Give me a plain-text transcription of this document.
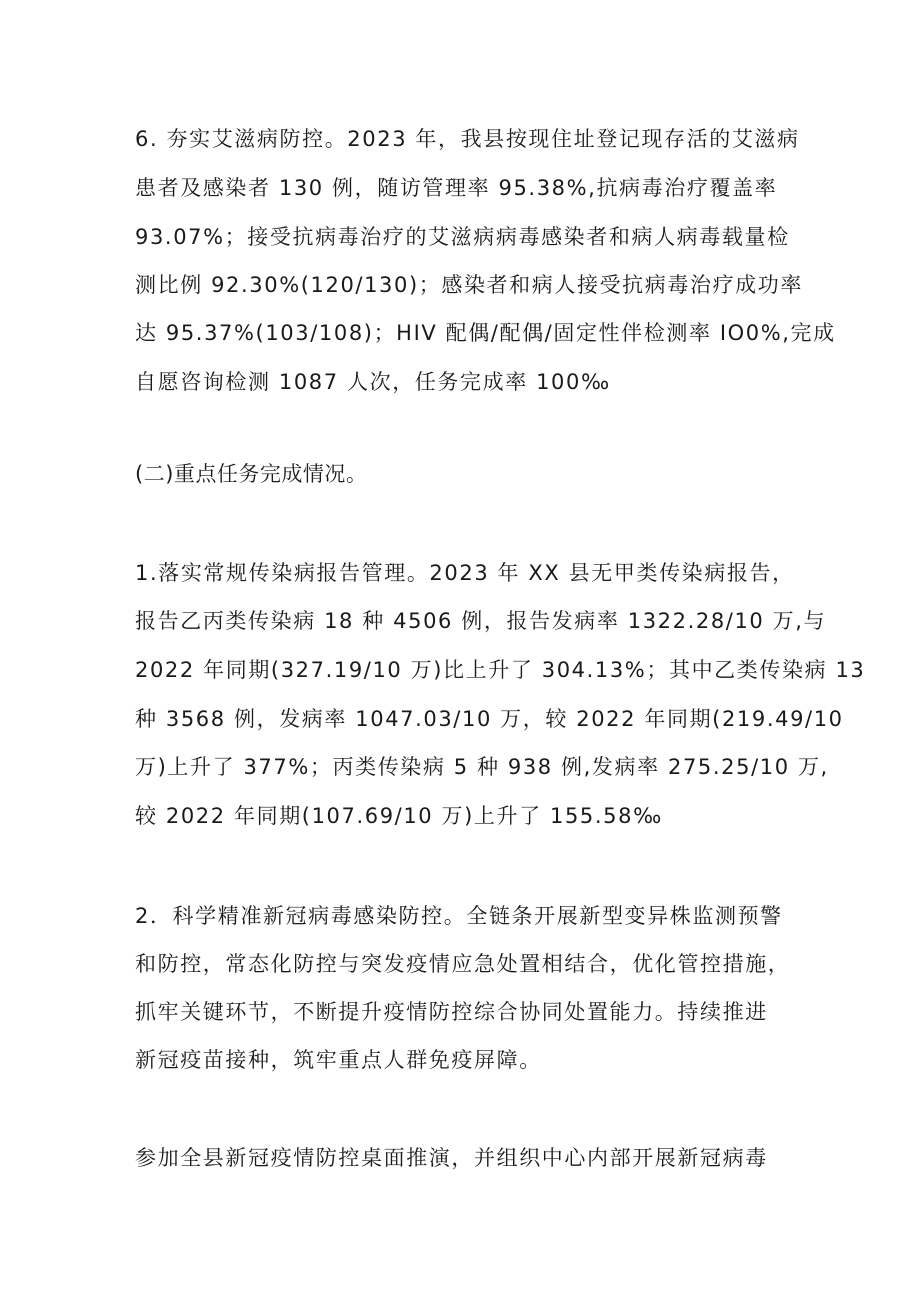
6. 夯实艾滋病防控。2023 年，我县按现住址登记现存活的艾滋病
患者及感染者 130 例，随访管理率 95.38%,抗病毒治疗覆盖率
93.07%；接受抗病毒治疗的艾滋病病毒感染者和病人病毒载量检
测比例 92.30%(120/130)；感染者和病人接受抗病毒治疗成功率
达 95.37%(103/108)；HIV 配偶/配偶/固定性伴检测率 IO0%,完成
自愿咨询检测 1087 人次，任务完成率 100‰
(二)重点任务完成情况。
1.落实常规传染病报告管理。2023 年 XX 县无甲类传染病报告，
报告乙丙类传染病 18 种 4506 例，报告发病率 1322.28/10 万,与
2022 年同期(327.19/10 万)比上升了 304.13%；其中乙类传染病 13
种 3568 例，发病率 1047.03/10 万，较 2022 年同期(219.49/10
万)上升了 377%；丙类传染病 5 种 938 例,发病率 275.25/10 万,
较 2022 年同期(107.69/10 万)上升了 155.58‰
2．科学精准新冠病毒感染防控。全链条开展新型变异株监测预警
和防控，常态化防控与突发疫情应急处置相结合，优化管控措施，
抓牢关键环节，不断提升疫情防控综合协同处置能力。持续推进
新冠疫苗接种，筑牢重点人群免疫屏障。
参加全县新冠疫情防控桌面推演，并组织中心内部开展新冠病毒
